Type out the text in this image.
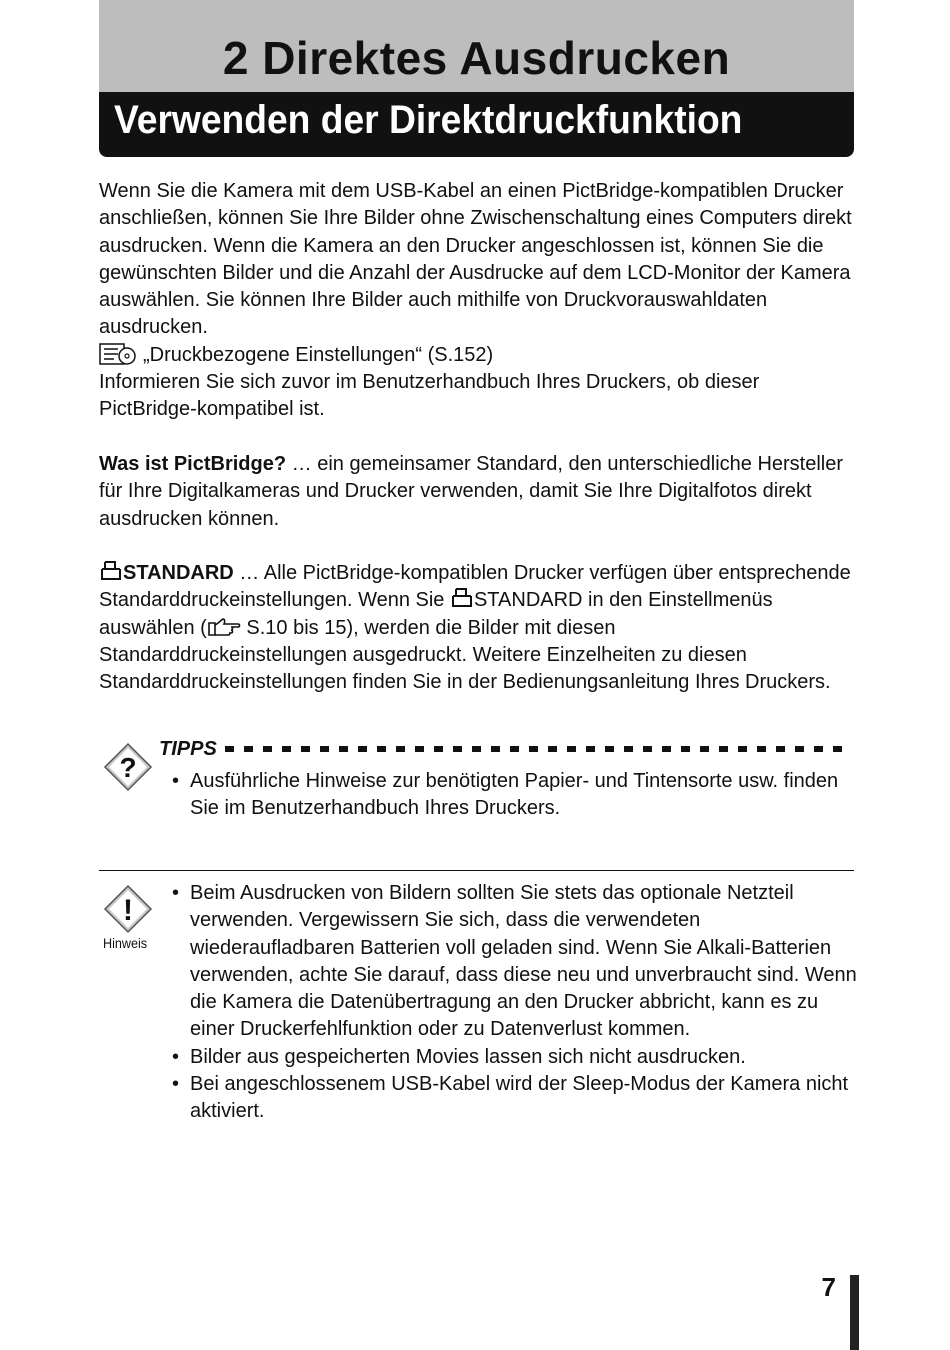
2 Direktes Ausdrucken
Verwenden der Direktdruckfunktion

Wenn Sie die Kamera mit dem USB-Kabel an einen PictBridge-kompatiblen Drucker anschließen, können Sie Ihre Bilder ohne Zwischenschaltung eines Computers direkt ausdrucken. Wenn die Kamera an den Drucker angeschlossen ist, können Sie die gewünschten Bilder und die Anzahl der Ausdrucke auf dem LCD-Monitor der Kamera auswählen. Sie können Ihre Bilder auch mithilfe von Druckvorauswahldaten ausdrucken.

„Druckbezogene Einstellungen“ (S.152)

Informieren Sie sich zuvor im Benutzerhandbuch Ihres Druckers, ob dieser PictBridge-kompatibel ist.

Was ist PictBridge? … ein gemeinsamer Standard, den unterschiedliche Hersteller für Ihre Digitalkameras und Drucker verwenden, damit Sie Ihre Digitalfotos direkt ausdrucken können.

STANDARD … Alle PictBridge-kompatiblen Drucker verfügen über entsprechende Standarddruckeinstellungen. Wenn Sie STANDARD in den Einstellmenüs auswählen ( S.10 bis 15), werden die Bilder mit diesen Standarddruckeinstellungen ausgedruckt. Weitere Einzelheiten zu diesen Standarddruckeinstellungen finden Sie in der Bedienungsanleitung Ihres Druckers.

?
TIPPS
• Ausführliche Hinweise zur benötigten Papier- und Tintensorte usw. finden Sie im Benutzerhandbuch Ihres Druckers.
!
Hinweis
• Beim Ausdrucken von Bildern sollten Sie stets das optionale Netzteil verwenden. Vergewissern Sie sich, dass die verwendeten wiederaufladbaren Batterien voll geladen sind. Wenn Sie Alkali-Batterien verwenden, achte Sie darauf, dass diese neu und unverbraucht sind. Wenn die Kamera die Datenübertragung an den Drucker abbricht, kann es zu einer Druckerfehlfunktion oder zu Datenverlust kommen.
• Bilder aus gespeicherten Movies lassen sich nicht ausdrucken.
• Bei angeschlossenem USB-Kabel wird der Sleep-Modus der Kamera nicht aktiviert.
7
